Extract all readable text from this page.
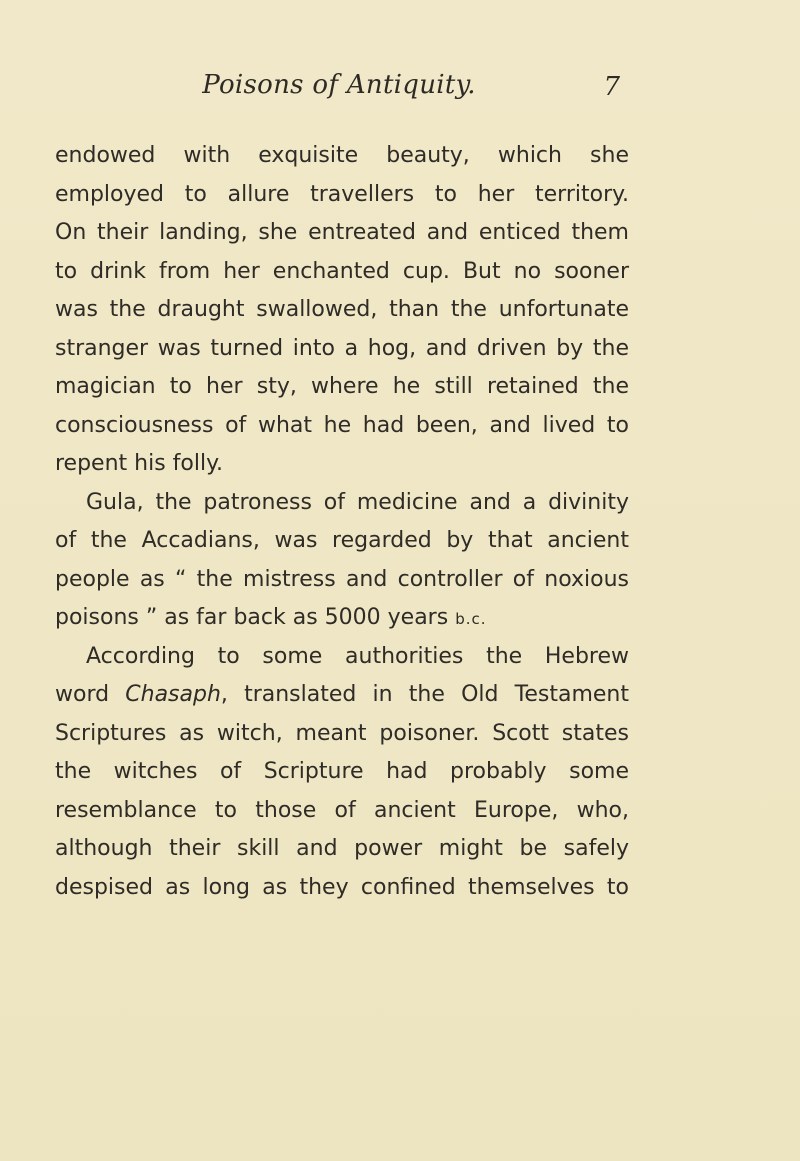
Poisons of Antiquity.	7
endowed with exquisite beauty, which she
employed to allure travellers to her territory.
On their landing, she entreated and enticed them
to drink from her enchanted cup. But no sooner
was the draught swallowed, than the unfortunate
stranger was turned into a hog, and driven by the
magician to her sty, where he still retained the
consciousness of what he had been, and lived to
repent his folly.
Gula, the patroness of medicine and a divinity
of the Accadians, was regarded by that ancient
people as “ the mistress and controller of noxious
poisons ” as far back as 5000 years b.c.
According to some authorities the Hebrew
word Chasaph, translated in the Old Testament
Scriptures as witch, meant poisoner. Scott states
the witches of Scripture had probably some
resemblance to those of ancient Europe, who,
although their skill and power might be safely
despised as long as they confined themselves to
